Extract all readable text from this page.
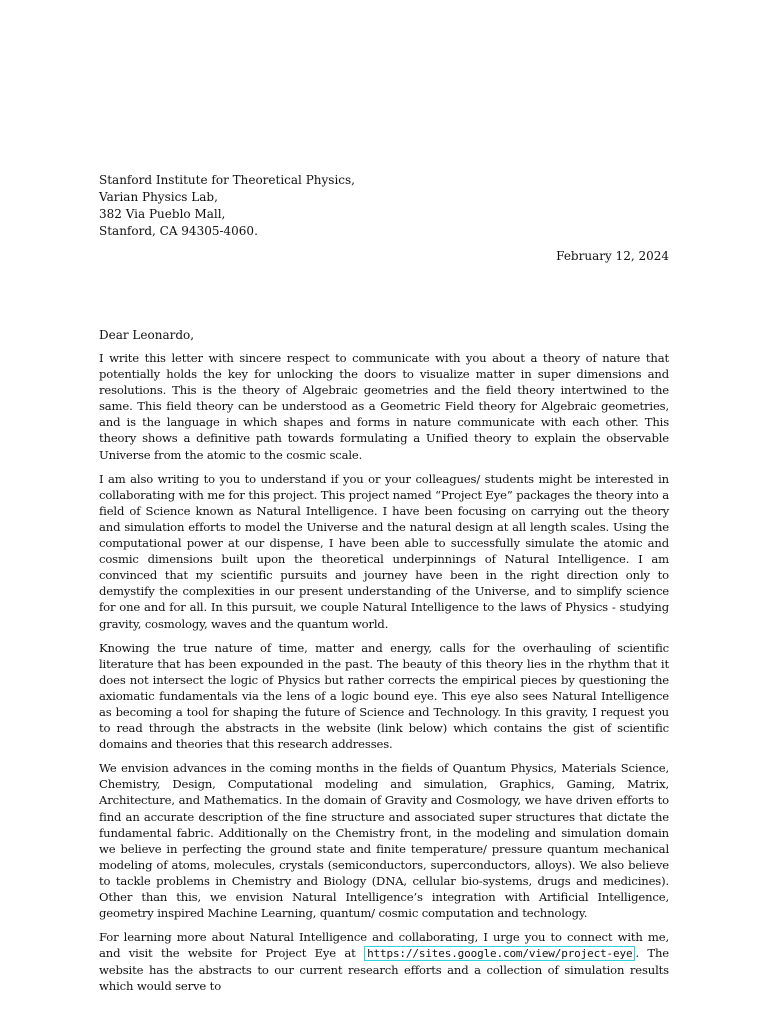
Stanford Institute for Theoretical Physics,
Varian Physics Lab,
382 Via Pueblo Mall,
Stanford, CA 94305-4060.
February 12, 2024
Dear Leonardo,

I write this letter with sincere respect to communicate with you about a theory of nature that potentially holds the key for unlocking the doors to visualize matter in super dimensions and resolutions. This is the theory of Algebraic geometries and the field theory intertwined to the same. This field theory can be understood as a Geometric Field theory for Algebraic geometries, and is the language in which shapes and forms in nature communicate with each other. This theory shows a definitive path towards formulating a Unified theory to explain the observable Universe from the atomic to the cosmic scale.

I am also writing to you to understand if you or your colleagues/ students might be interested in collaborating with me for this project. This project named “Project Eye” packages the theory into a field of Science known as Natural Intelligence. I have been focusing on carrying out the theory and simulation efforts to model the Universe and the natural design at all length scales. Using the computational power at our dispense, I have been able to successfully simulate the atomic and cosmic dimensions built upon the theoretical underpinnings of Natural Intelligence. I am convinced that my scientific pursuits and journey have been in the right direction only to demystify the complexities in our present understanding of the Universe, and to simplify science for one and for all. In this pursuit, we couple Natural Intelligence to the laws of Physics - studying gravity, cosmology, waves and the quantum world.

Knowing the true nature of time, matter and energy, calls for the overhauling of scientific literature that has been expounded in the past. The beauty of this theory lies in the rhythm that it does not intersect the logic of Physics but rather corrects the empirical pieces by questioning the axiomatic fundamentals via the lens of a logic bound eye. This eye also sees Natural Intelligence as becoming a tool for shaping the future of Science and Technology. In this gravity, I request you to read through the abstracts in the website (link below) which contains the gist of scientific domains and theories that this research addresses.

We envision advances in the coming months in the fields of Quantum Physics, Materials Science, Chemistry, Design, Computational modeling and simulation, Graphics, Gaming, Matrix, Architecture, and Mathematics. In the domain of Gravity and Cosmology, we have driven efforts to find an accurate description of the fine structure and associated super structures that dictate the fundamental fabric. Additionally on the Chemistry front, in the modeling and simulation domain we believe in perfecting the ground state and finite temperature/ pressure quantum mechanical modeling of atoms, molecules, crystals (semiconductors, superconductors, alloys). We also believe to tackle problems in Chemistry and Biology (DNA, cellular bio-systems, drugs and medicines). Other than this, we envision Natural Intelligence’s integration with Artificial Intelligence, geometry inspired Machine Learning, quantum/ cosmic computation and technology.

For learning more about Natural Intelligence and collaborating, I urge you to connect with me, and visit the website for Project Eye at https://sites.google.com/view/project-eye . The website has the abstracts to our current research efforts and a collection of simulation results which would serve to
